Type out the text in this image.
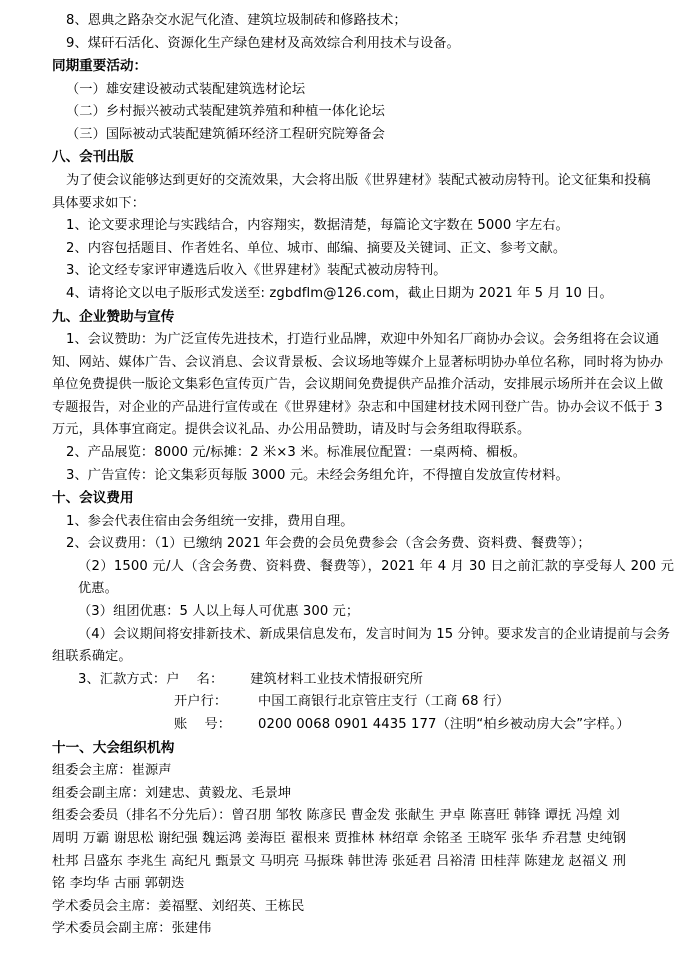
8、恩典之路杂交水泥气化渣、建筑垃圾制砖和修路技术；
9、煤矸石活化、资源化生产绿色建材及高效综合利用技术与设备。
同期重要活动：
（一）雄安建设被动式装配建筑选材论坛
（二）乡村振兴被动式装配建筑养殖和种植一体化论坛
（三）国际被动式装配建筑循环经济工程研究院筹备会
八、会刊出版
为了使会议能够达到更好的交流效果，大会将出版《世界建材》装配式被动房特刊。论文征集和投稿
具体要求如下：
1、论文要求理论与实践结合，内容翔实，数据清楚，每篇论文字数在 5000 字左右。
2、内容包括题目、作者姓名、单位、城市、邮编、摘要及关键词、正文、参考文献。
3、论文经专家评审遴选后收入《世界建材》装配式被动房特刊。
4、请将论文以电子版形式发送至: zgbdflm@126.com，截止日期为 2021 年 5 月 10 日。
九、企业赞助与宣传
1、会议赞助：为广泛宣传先进技术，打造行业品牌，欢迎中外知名厂商协办会议。会务组将在会议通
知、网站、媒体广告、会议消息、会议背景板、会议场地等媒介上显著标明协办单位名称，同时将为协办
单位免费提供一版论文集彩色宣传页广告，会议期间免费提供产品推介活动，安排展示场所并在会议上做
专题报告，对企业的产品进行宣传或在《世界建材》杂志和中国建材技术网刊登广告。协办会议不低于 3
万元，具体事宜商定。提供会议礼品、办公用品赞助，请及时与会务组取得联系。
2、产品展览：8000 元/标摊：2 米×3 米。标准展位配置：一桌两椅、楣板。
3、广告宣传：论文集彩页每版 3000 元。未经会务组允许，不得擅自发放宣传材料。
十、会议费用
1、参会代表住宿由会务组统一安排，费用自理。
2、会议费用：（1）已缴纳 2021 年会费的会员免费参会（含会务费、资料费、餐费等）；
（2）1500 元/人（含会务费、资料费、餐费等），2021 年 4 月 30 日之前汇款的享受每人 200 元优惠。
（3）组团优惠：5 人以上每人可优惠 300 元；
（4）会议期间将安排新技术、新成果信息发布，发言时间为 15 分钟。要求发言的企业请提前与会务
组联系确定。
3、汇款方式： 户    名：	建筑材料工业技术情报研究所
开户行：	中国工商银行北京管庄支行（工商 68 行）
账    号：	0200 0068 0901 4435 177（注明“柏乡被动房大会”字样。）
十一、大会组织机构
组委会主席：崔源声
组委会副主席：刘建忠、黄毅龙、毛景坤
组委会委员（排名不分先后）：曾召朋 邹牧 陈彦民 曹金发 张献生 尹卓 陈喜旺 韩锋 谭抚 冯煌 刘
周明 万霸 谢思松 谢纪强 魏运鸿 姜海臣 翟根来 贾推林 林绍章 余铭圣 王晓军 张华 乔君慧 史纯钢
杜邦 吕盛东 李兆生 高纪凡 甄景文 马明亮 马振珠 韩世涛 张延君 吕裕清 田桂萍 陈建龙 赵福义 刑
铭 李均华 古丽 郭朝迭
学术委员会主席：姜福墅、刘绍英、王栋民
学术委员会副主席：张建伟
